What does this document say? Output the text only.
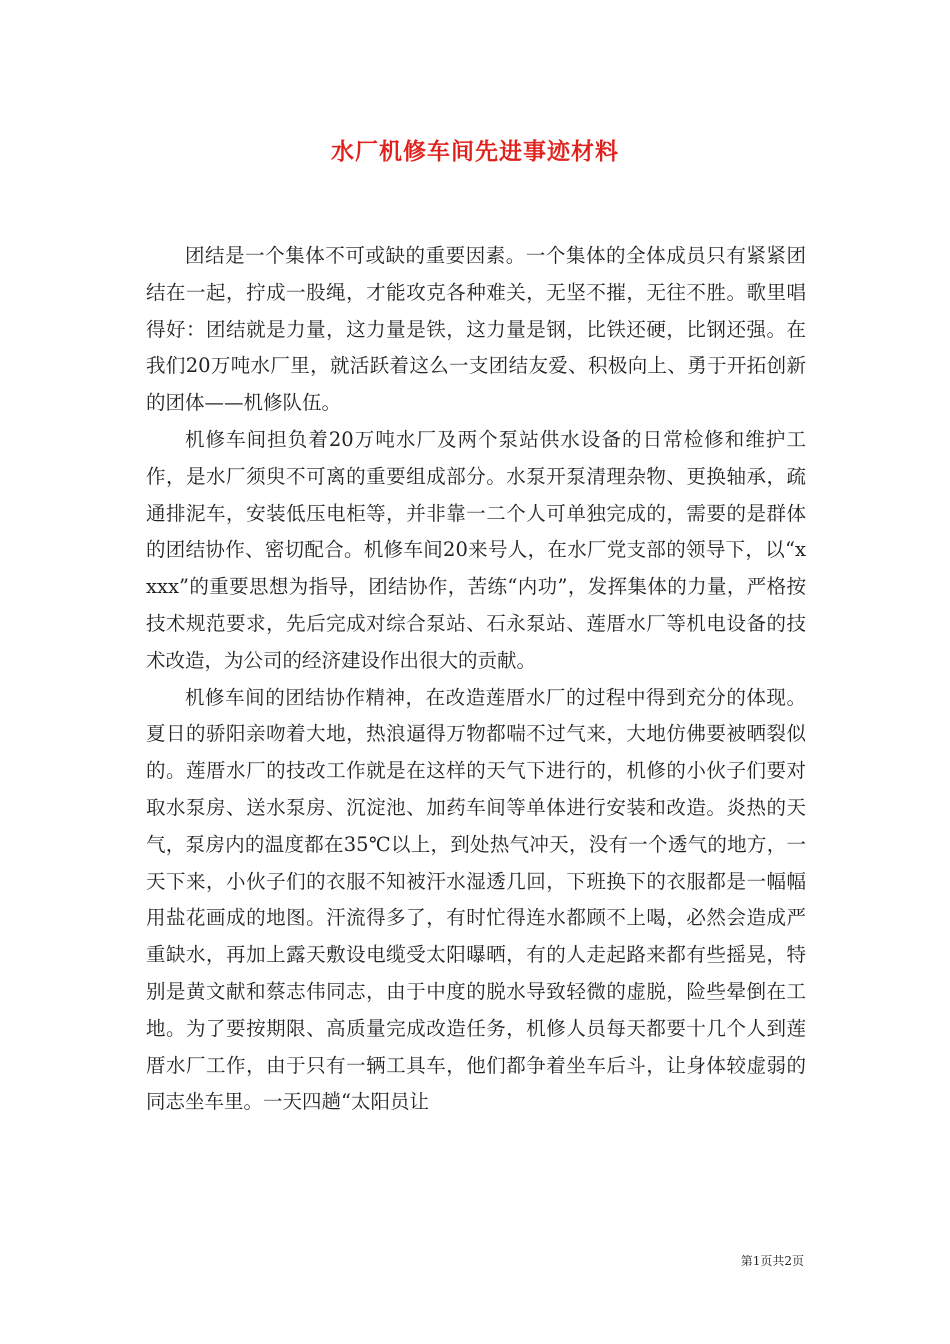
水厂机修车间先进事迹材料

团结是一个集体不可或缺的重要因素。一个集体的全体成员只有紧紧团结在一起，拧成一股绳，才能攻克各种难关，无坚不摧，无往不胜。歌里唱得好：团结就是力量，这力量是铁，这力量是钢，比铁还硬，比钢还强。在我们20万吨水厂里，就活跃着这么一支团结友爱、积极向上、勇于开拓创新的团体——机修队伍。

机修车间担负着20万吨水厂及两个泵站供水设备的日常检修和维护工作，是水厂须臾不可离的重要组成部分。水泵开泵清理杂物、更换轴承，疏通排泥车，安装低压电柜等，并非靠一二个人可单独完成的，需要的是群体的团结协作、密切配合。机修车间20来号人，在水厂党支部的领导下，以“xxxx”的重要思想为指导，团结协作，苦练“内功”，发挥集体的力量，严格按技术规范要求，先后完成对综合泵站、石永泵站、莲厝水厂等机电设备的技术改造，为公司的经济建设作出很大的贡献。

机修车间的团结协作精神，在改造莲厝水厂的过程中得到充分的体现。夏日的骄阳亲吻着大地，热浪逼得万物都喘不过气来，大地仿佛要被晒裂似的。莲厝水厂的技改工作就是在这样的天气下进行的，机修的小伙子们要对取水泵房、送水泵房、沉淀池、加药车间等单体进行安装和改造。炎热的天气，泵房内的温度都在35℃以上，到处热气冲天，没有一个透气的地方，一天下来，小伙子们的衣服不知被汗水湿透几回，下班换下的衣服都是一幅幅用盐花画成的地图。汗流得多了，有时忙得连水都顾不上喝，必然会造成严重缺水，再加上露天敷设电缆受太阳曝晒，有的人走起路来都有些摇晃，特别是黄文献和蔡志伟同志，由于中度的脱水导致轻微的虚脱，险些晕倒在工地。为了要按期限、高质量完成改造任务，机修人员每天都要十几个人到莲厝水厂工作，由于只有一辆工具车，他们都争着坐车后斗，让身体较虚弱的同志坐车里。一天四趟“太阳员让

第1页共2页
